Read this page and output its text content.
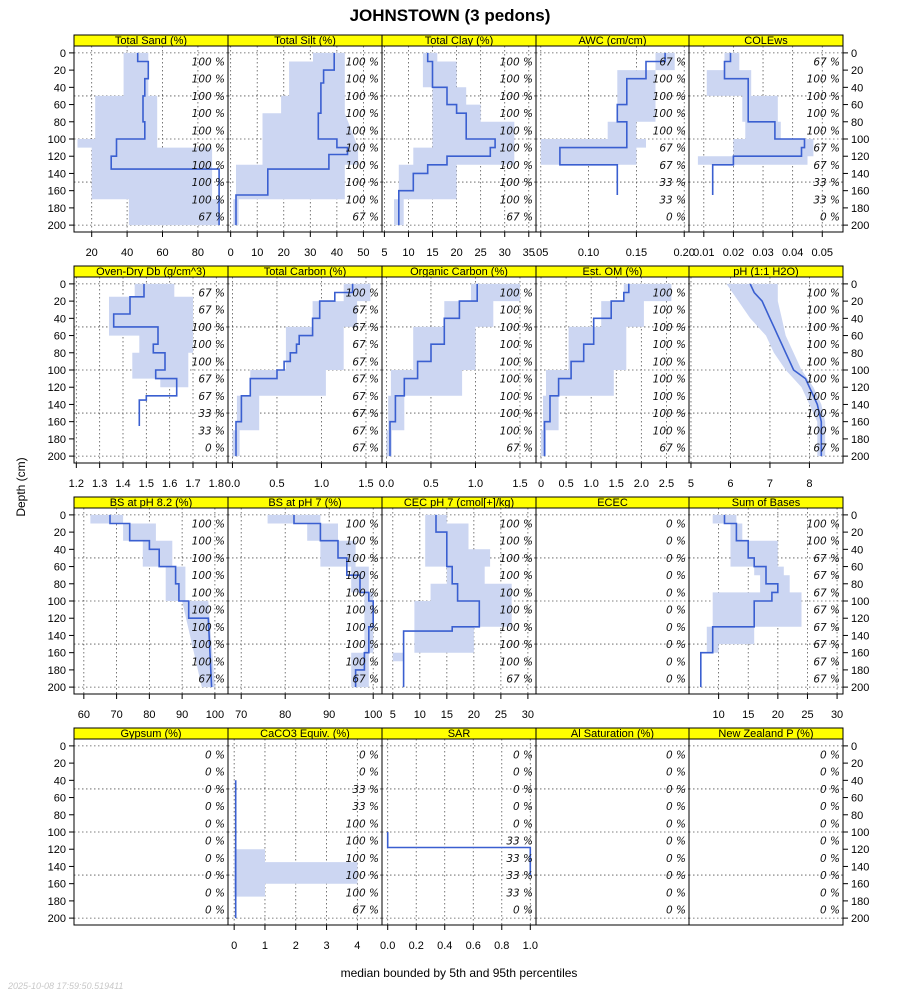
JOHNSTOWN (3 pedons)
Depth (cm)
median bounded by 5th and 95th percentiles
2025-10-08 17:59:50.519411
Total Sand (%)
100 %
100 %
100 %
100 %
100 %
100 %
100 %
100 %
100 %
67 %
20 40 60 80
Total Silt (%)
100 %
100 %
100 %
100 %
100 %
100 %
100 %
100 %
100 %
67 %
0 10 20 30 40 50
Total Clay (%)
100 %
100 %
100 %
100 %
100 %
100 %
100 %
100 %
100 %
67 %
5 10 15 20 25 30 35
AWC (cm/cm)
67 %
100 %
100 %
100 %
100 %
67 %
67 %
33 %
33 %
0 %
.05	0.10 0.15 0.20
COLEws
67 %
100 %
100 %
100 %
100 %
67 %
67 %
33 %
33 %
0 %
0.01 0.02 0.03 0.04 0.05
Oven-Dry Db (g/cm^3)
67 %
67 %
100 %
100 %
100 %
67 %
67 %
33 %
33 %
0 %
1.2 1.3 1.4 1.5 1.6 1.7 1.8
Total Carbon (%)
100 %
67 %
67 %
67 %
67 %
67 %
67 %
67 %
67 %
67 %
0.0	0.5	1.0	1.5
Organic Carbon (%)
100 %
100 %
100 %
100 %
100 %
100 %
100 %
100 %
100 %
67 %
0.0	0.5	1.0	1.5
Est. OM (%)
100 %
100 %
100 %
100 %
100 %
100 %
100 %
100 %
100 %
67 %
0 0.5 1.0 1.5 2.0 2.5
pH (1:1 H2O)
100 %
100 %
100 %
100 %
100 %
100 %
100 %
100 %
100 %
67 %
5	6	7	8
BS at pH 8.2 (%)
100 %
100 %
100 %
100 %
100 %
100 %
100 %
100 %
100 %
67 %
60 70 80 90 100
BS at pH 7 (%)
100 %
100 %
100 %
100 %
100 %
100 %
100 %
100 %
100 %
67 %
70	80	90	100
CEC pH 7 (cmol[+]/kg)
100 %
100 %
100 %
100 %
100 %
100 %
100 %
100 %
100 %
67 %
5 10 15 20 25 30
ECEC
0 %
0 %
0 %
0 %
0 %
0 %
0 %
0 %
0 %
0 %
Sum of Bases
100 %
100 %
67 %
67 %
67 %
67 %
67 %
67 %
67 %
67 %
10 15 20 25 30
Gypsum (%)
0 %
0 %
0 %
0 %
0 %
0 %
0 %
0 %
0 %
0 %
CaCO3 Equiv. (%)
0 %
0 %
33 %
33 %
100 %
100 %
100 %
100 %
100 %
67 %
0 1 2 3 4
SAR
0 %
0 %
0 %
0 %
0 %
33 %
33 %
33 %
33 %
0 %
0.0 0.2 0.4 0.6 0.8 1.0
Al Saturation (%)
0 %
0 %
0 %
0 %
0 %
0 %
0 %
0 %
0 %
0 %
New Zealand P (%)
0 %
0 %
0 %
0 %
0 %
0 %
0 %
0 %
0 %
0 %
0	0
20	20
40	40
60	60
80	80
100	100
120	120
140	140
160	160
180	180
200	200
0	0
20	20
40	40
60	60
80	80
100	100
120	120
140	140
160	160
180	180
200	200
0	0
20	20
40	40
60	60
80	80
100	100
120	120
140	140
160	160
180	180
200	200
0	0
20	20
40	40
60	60
80	80
100	100
120	120
140	140
160	160
180	180
200	200
